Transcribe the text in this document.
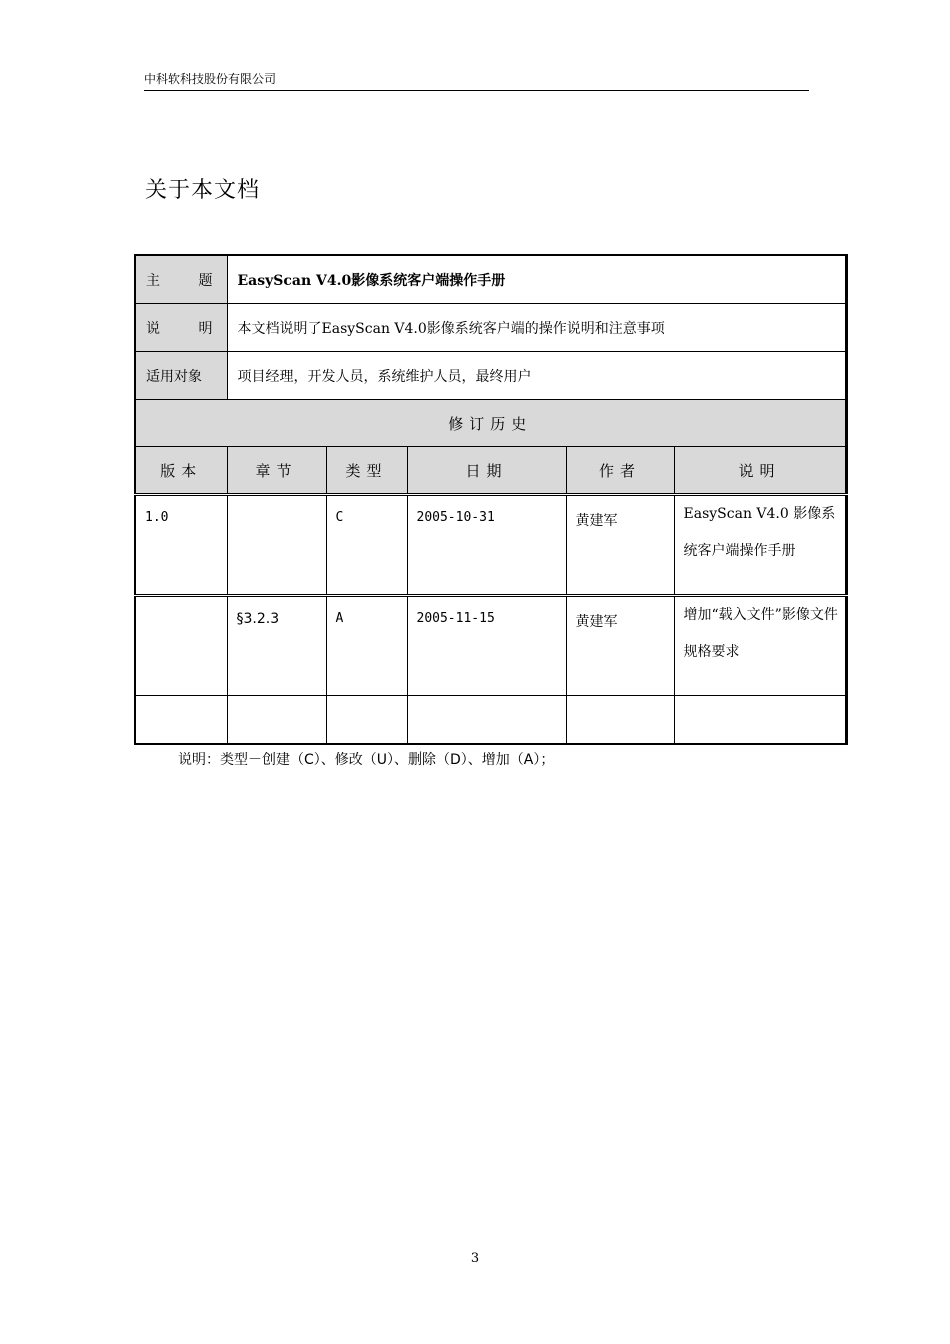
中科软科技股份有限公司
关于本文档
主 题	EasyScan V4.0影像系统客户端操作手册				

说 明	本文档说明了EasyScan V4.0影像系统客户端的操作说明和注意事项				
适用对象	项目经理，开发人员，系统维护人员，最终用户				
修订历史					
版本	章节	类型	日期	作者	说明
1.0		C	2005-10-31	黄建军	EasyScan V4.0 影像系统客户端操作手册
	§3.2.3	A	2005-11-15	黄建军	增加“载入文件”影像文件规格要求

说明：类型－创建（C）、修改（U）、删除（D）、增加（A）；
3
